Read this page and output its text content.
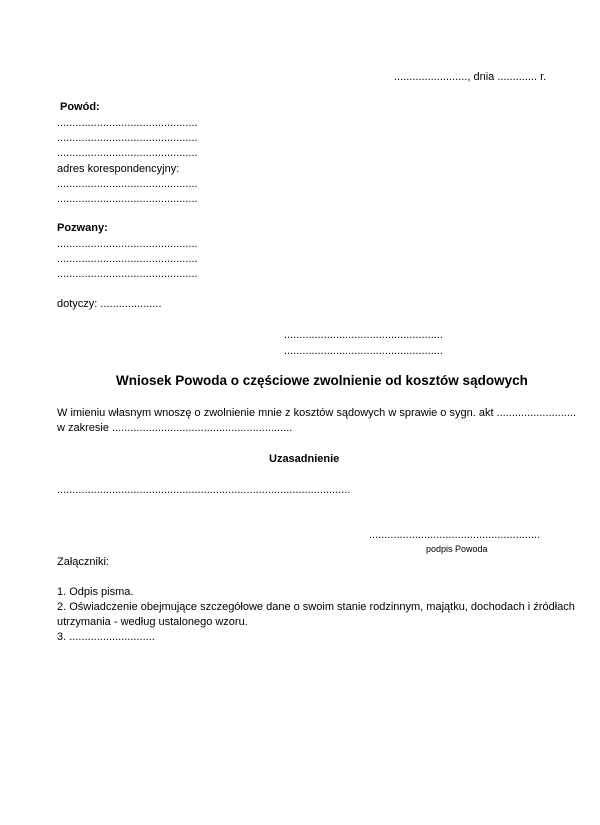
........................, dnia ............. r.
Powód:
..............................................
..............................................
..............................................
adres korespondencyjny:
..............................................
..............................................
Pozwany:
..............................................
..............................................
..............................................
dotyczy: ....................
....................................................
....................................................
Wniosek Powoda o częściowe zwolnienie od kosztów sądowych
W imieniu własnym wnoszę o zwolnienie mnie z kosztów sądowych w sprawie o sygn. akt ..........................
w zakresie ...........................................................
Uzasadnienie
................................................................................................
........................................................
podpis Powoda
Załączniki:
1. Odpis pisma.
2. Oświadczenie obejmujące szczegółowe dane o swoim stanie rodzinnym, majątku, dochodach i źródłach
utrzymania - według ustalonego wzoru.
3. ............................
